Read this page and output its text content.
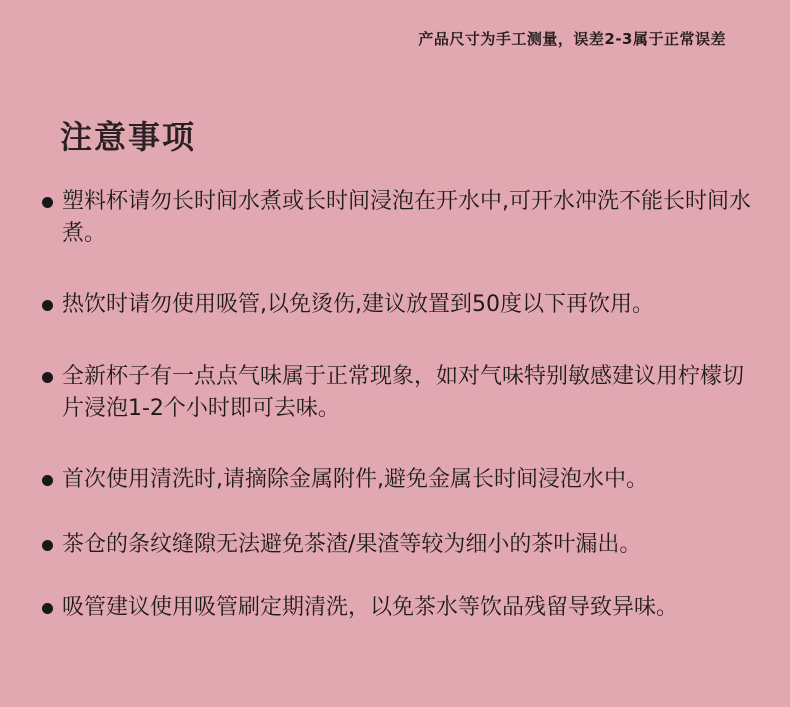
产品尺寸为手工测量，误差2-3属于正常误差
注意事项
塑料杯请勿长时间水煮或长时间浸泡在开水中,可开水冲洗不能长时间水煮。
热饮时请勿使用吸管,以免烫伤,建议放置到50度以下再饮用。
全新杯子有一点点气味属于正常现象，如对气味特别敏感建议用柠檬切片浸泡1-2个小时即可去味。
首次使用清洗时,请摘除金属附件,避免金属长时间浸泡水中。
茶仓的条纹缝隙无法避免茶渣/果渣等较为细小的茶叶漏出。
吸管建议使用吸管刷定期清洗，以免茶水等饮品残留导致异味。
